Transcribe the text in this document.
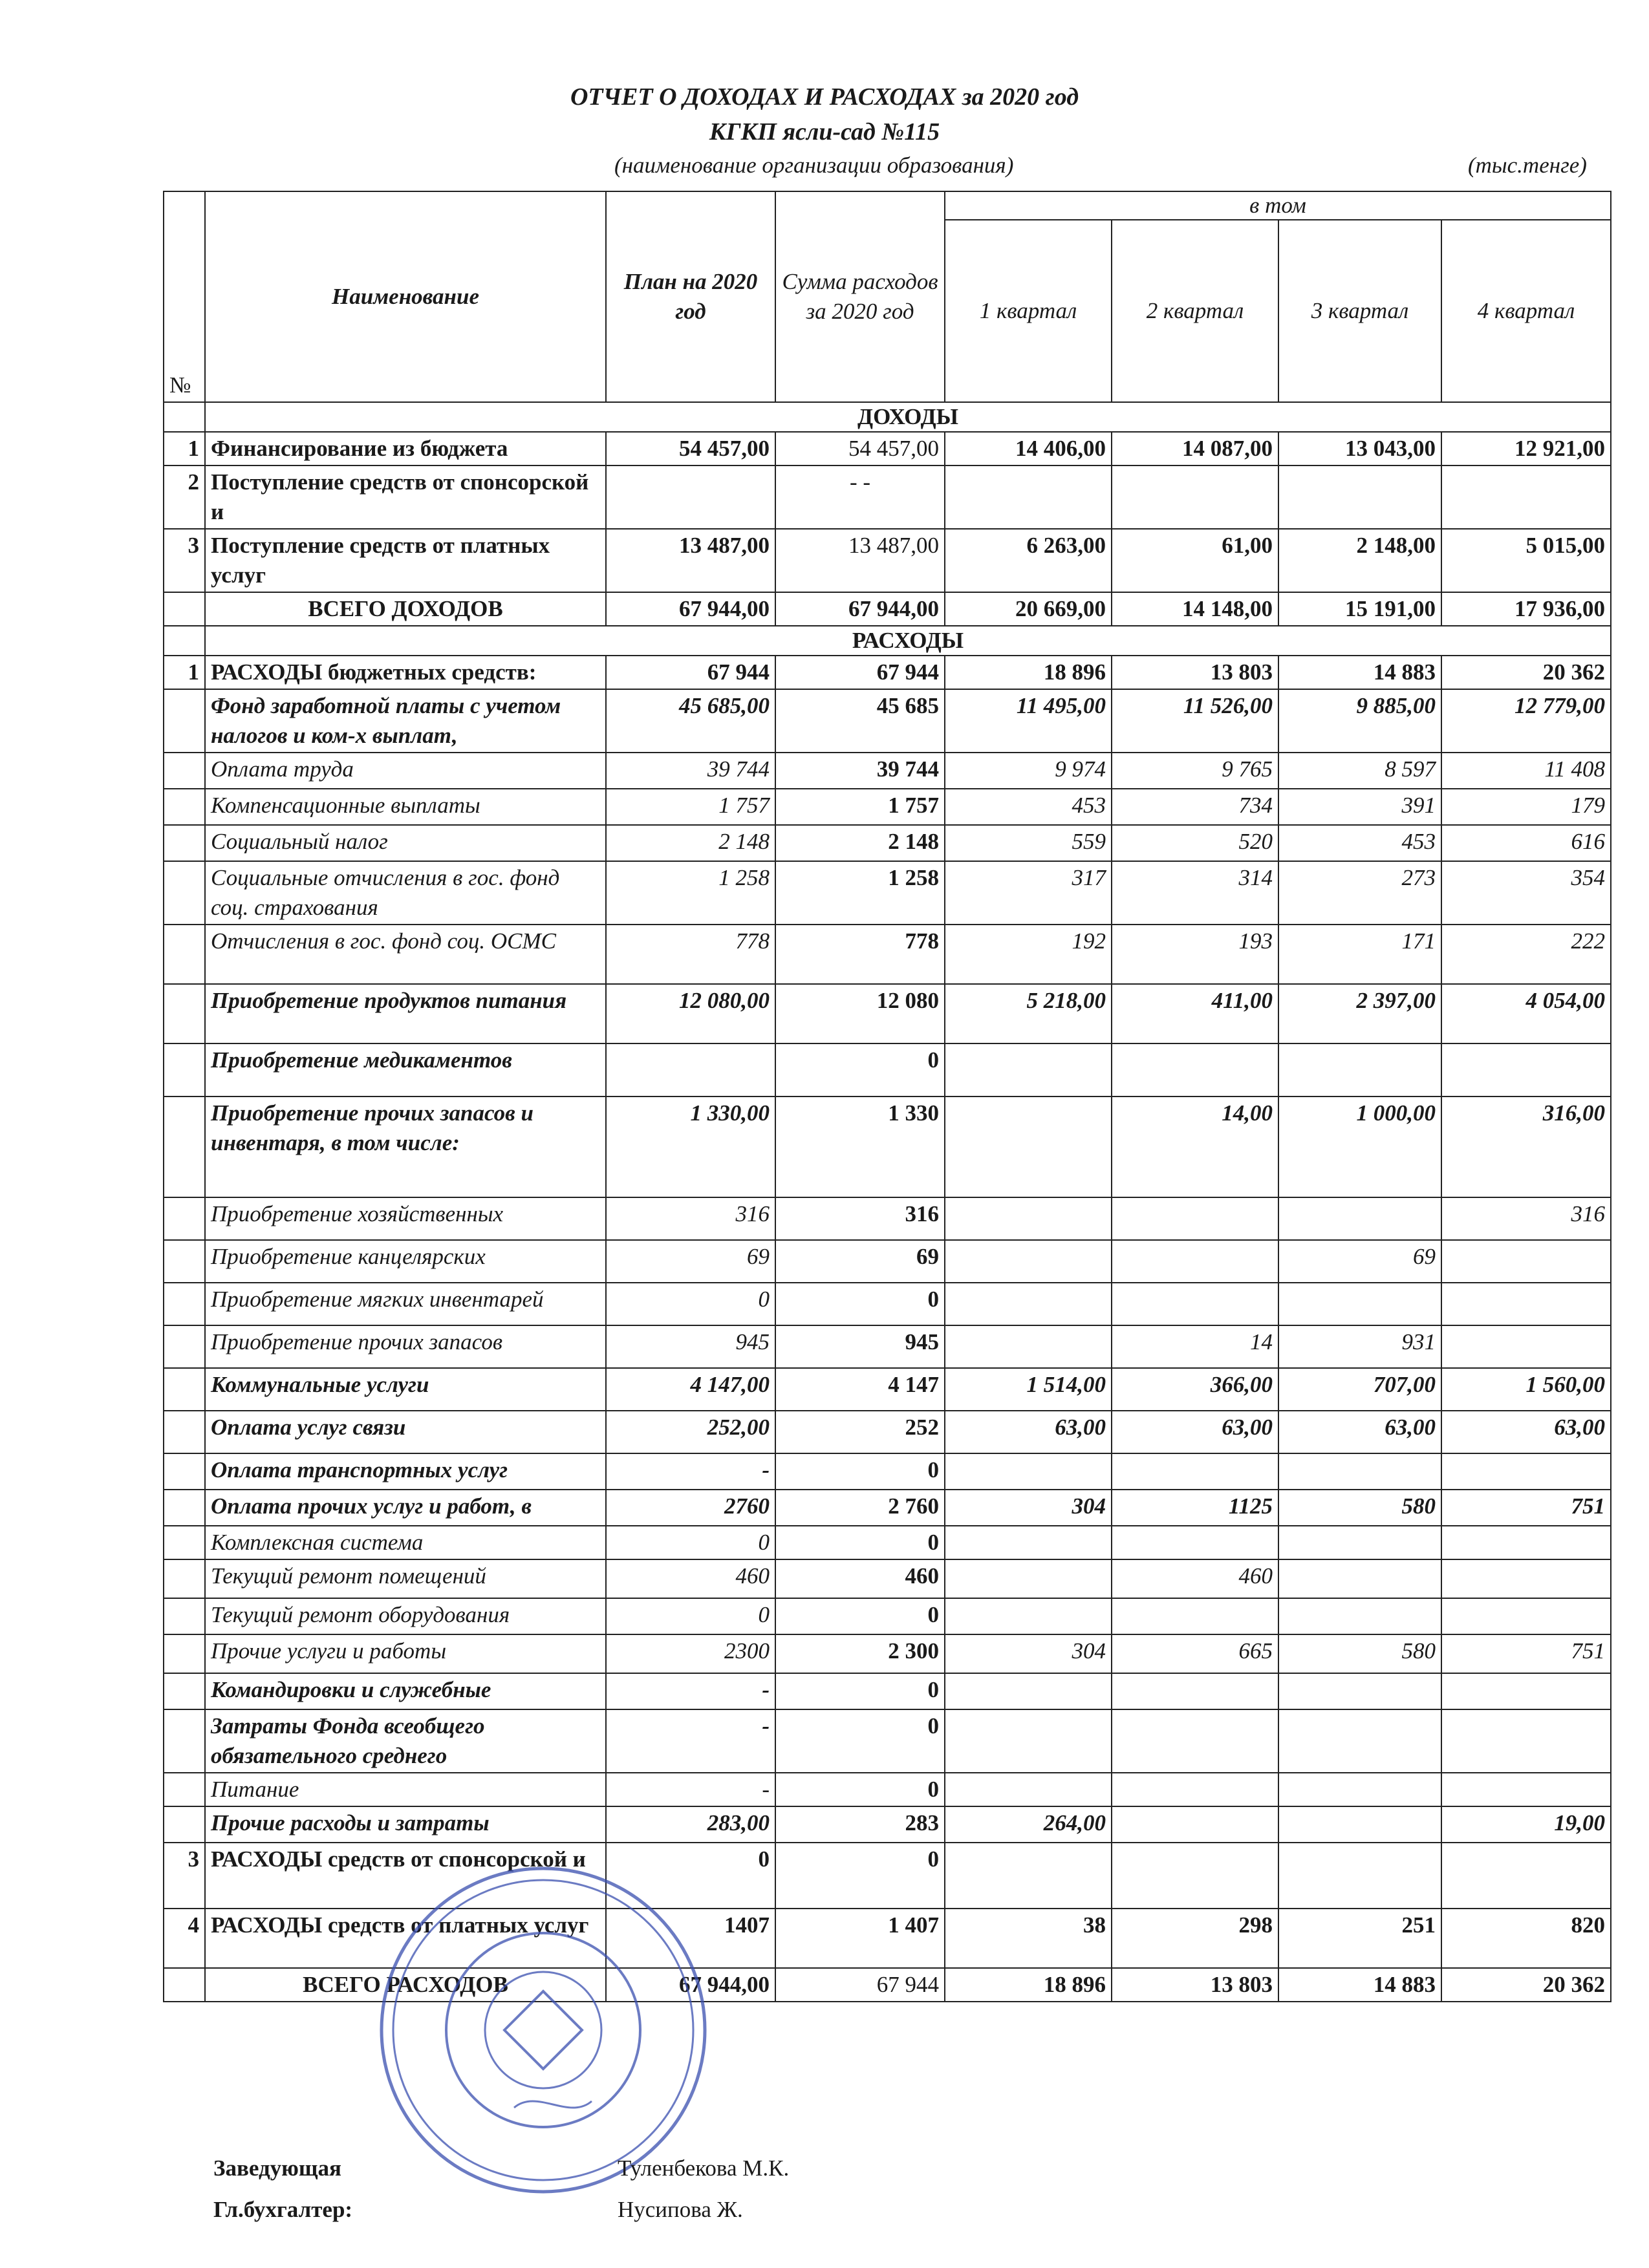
ОТЧЕТ О ДОХОДАХ И РАСХОДАХ за 2020 год
КГКП ясли-сад №115
(наименование организации образования)	(тыс.тенге)
№	Наименование	План на 2020 год	Сумма расходов за 2020 год	в том			
				1 квартал	2 квартал	3 квартал	4 квартал
	ДОХОДЫ						
1	Финансирование из бюджета	54 457,00	54 457,00	14 406,00	14 087,00	13 043,00	12 921,00
2	Поступление средств от спонсорской и		- -				
3	Поступление средств от платных услуг	13 487,00	13 487,00	6 263,00	61,00	2 148,00	5 015,00
	ВСЕГО ДОХОДОВ	67 944,00	67 944,00	20 669,00	14 148,00	15 191,00	17 936,00
	РАСХОДЫ						
1	РАСХОДЫ бюджетных средств:	67 944	67 944	18 896	13 803	14 883	20 362
	Фонд заработной платы с учетом налогов и ком-х выплат,	45 685,00	45 685	11 495,00	11 526,00	9 885,00	12 779,00
	Оплата труда	39 744	39 744	9 974	9 765	8 597	11 408
	Компенсационные выплаты	1 757	1 757	453	734	391	179
	Социальный налог	2 148	2 148	559	520	453	616
	Социальные отчисления в гос. фонд соц. страхования	1 258	1 258	317	314	273	354
	Отчисления в гос. фонд соц. ОСМС	778	778	192	193	171	222
	Приобретение продуктов питания	12 080,00	12 080	5 218,00	411,00	2 397,00	4 054,00
	Приобретение медикаментов		0				
	Приобретение прочих запасов и инвентаря, в том числе:	1 330,00	1 330		14,00	1 000,00	316,00
	Приобретение хозяйственных	316	316				316
	Приобретение канцелярских	69	69			69	
	Приобретение мягких инвентарей	0	0				
	Приобретение прочих запасов	945	945		14	931	
	Коммунальные услуги	4 147,00	4 147	1 514,00	366,00	707,00	1 560,00
	Оплата услуг связи	252,00	252	63,00	63,00	63,00	63,00
	Оплата транспортных услуг	-	0				
	Оплата прочих услуг и работ, в	2760	2 760	304	1125	580	751
	Комплексная система	0	0				
	Текущий ремонт помещений	460	460		460		
	Текущий ремонт оборудования	0	0				
	Прочие услуги и работы	2300	2 300	304	665	580	751
	Командировки и служебные	-	0				
	Затраты Фонда всеобщего обязательного среднего	-	0				
	Питание	-	0				
	Прочие расходы и затраты	283,00	283	264,00			19,00
3	РАСХОДЫ средств от спонсорской и	0	0				
4	РАСХОДЫ средств от платных услуг	1407	1 407	38	298	251	820
	ВСЕГО РАСХОДОВ	67 944,00	67 944	18 896	13 803	14 883	20 362
Заведующая	Туленбекова М.К.
Гл.бухгалтер:	Нусипова Ж.
